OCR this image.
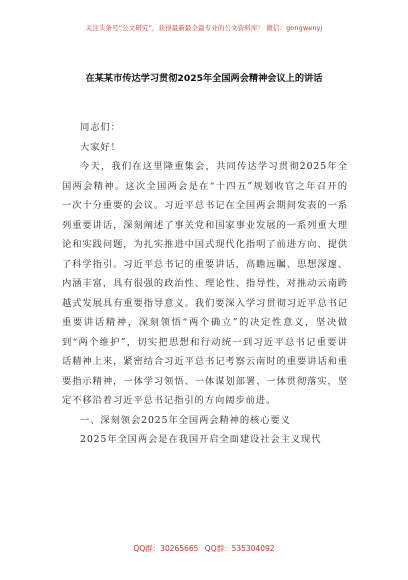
关注头条号“公文研究”，获得最新最全最专业的公文资料库！ 微信：gongwenyj
在某某市传达学习贯彻2025年全国两会精神会议上的讲话

同志们：

大家好！

今天，我们在这里隆重集会，共同传达学习贯彻2025年全国两会精神。这次全国两会是在“十四五”规划收官之年召开的一次十分重要的会议。习近平总书记在全国两会期间发表的一系列重要讲话，深刻阐述了事关党和国家事业发展的一系列重大理论和实践问题，为扎实推进中国式现代化指明了前进方向、提供了科学指引。习近平总书记的重要讲话，高瞻远瞩、思想深邃、内涵丰富，具有很强的政治性、理论性、指导性，对推动云南跨越式发展具有重要指导意义。我们要深入学习贯彻习近平总书记重要讲话精神，深刻领悟“两个确立”的决定性意义，坚决做到“两个维护”，切实把思想和行动统一到习近平总书记重要讲话精神上来，紧密结合习近平总书记考察云南时的重要讲话和重要指示精神，一体学习领悟、一体谋划部署、一体贯彻落实，坚定不移沿着习近平总书记指引的方向阔步前进。

一、深刻领会2025年全国两会精神的核心要义

2025年全国两会是在我国开启全面建设社会主义现代

QQ群：30265665 QQ群：535304092
